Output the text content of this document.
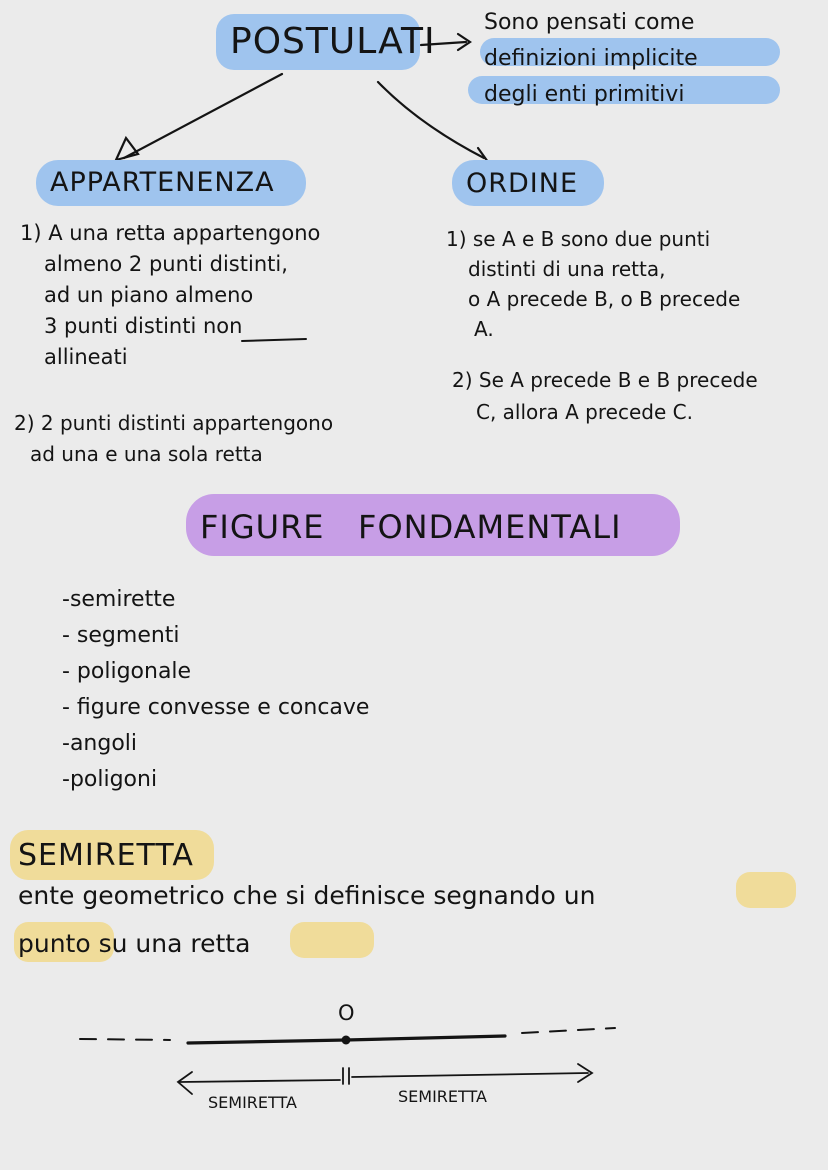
POSTULATI Sono pensati come
definizioni implicite
degli enti primitivi
APPARTENENZA
1) A una retta appartengono
almeno 2 punti distinti,
ad un piano almeno
3 punti distinti non
allineati
2) 2 punti distinti appartengono
ad una e una sola retta
ORDINE
1) se A e B sono due punti
distinti di una retta,
o A precede B, o B precede
A.
2) Se A precede B e B precede
C, allora A precede C.
FIGURE   FONDAMENTALI
-semirette
- segmenti
- poligonale
- figure convesse e concave
-angoli
-poligoni
SEMIRETTA
ente geometrico che si definisce segnando un
punto su una retta
O
SEMIRETTA	SEMIRETTA
